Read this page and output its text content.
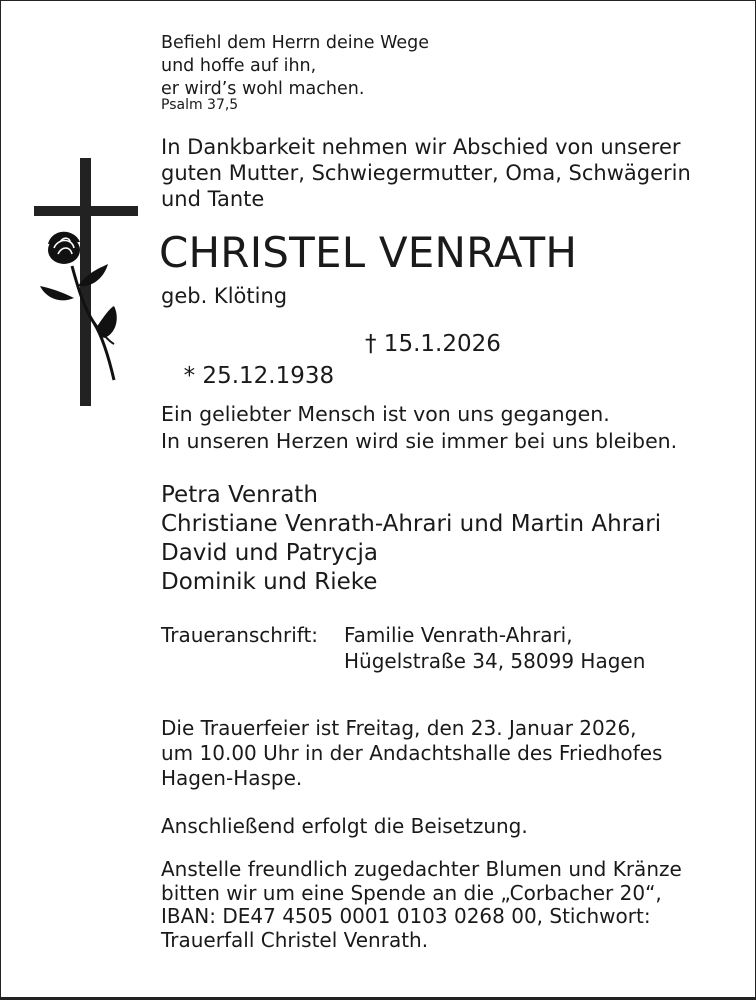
Befiehl dem Herrn deine Wege
und hoffe auf ihn,
er wird’s wohl machen.
Psalm 37,5
In Dankbarkeit nehmen wir Abschied von unserer
guten Mutter, Schwiegermutter, Oma, Schwägerin
und Tante
CHRISTEL VENRATH
geb. Klöting

* 25.12.1938

† 15.1.2026

Ein geliebter Mensch ist von uns gegangen.
In unseren Herzen wird sie immer bei uns bleiben.
Petra Venrath
Christiane Venrath-Ahrari und Martin Ahrari
David und Patrycja
Dominik und Rieke
Traueranschrift: Familie Venrath-Ahrari,
Hügelstraße 34, 58099 Hagen
Die Trauerfeier ist Freitag, den 23. Januar 2026,
um 10.00 Uhr in der Andachtshalle des Friedhofes
Hagen-Haspe.
Anschließend erfolgt die Beisetzung.
Anstelle freundlich zugedachter Blumen und Kränze
bitten wir um eine Spende an die „Corbacher 20“,
IBAN: DE47 4505 0001 0103 0268 00, Stichwort:
Trauerfall Christel Venrath.
